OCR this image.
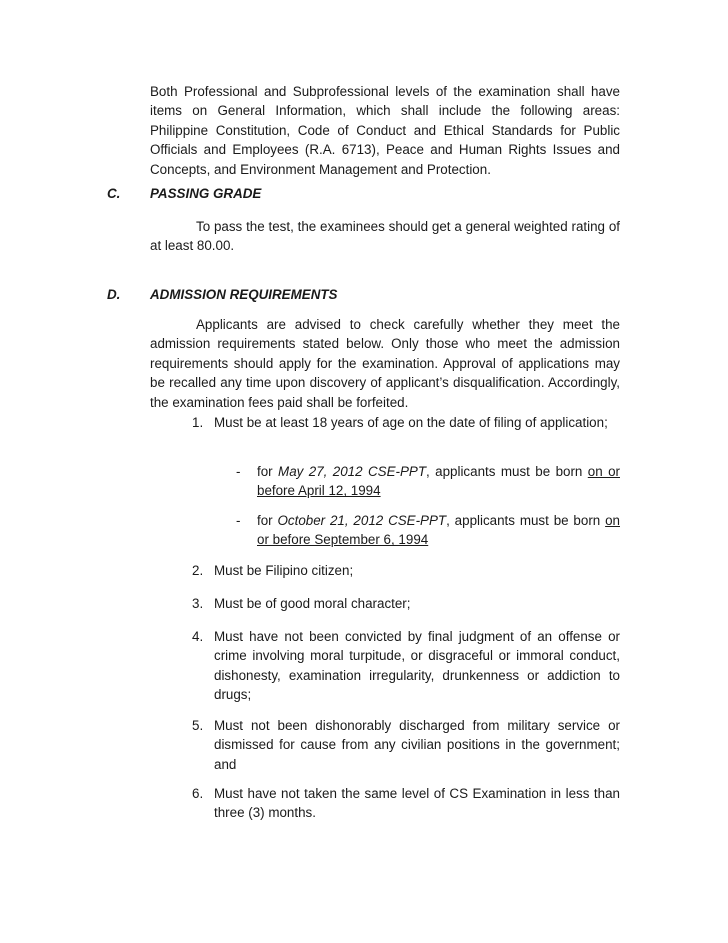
Both Professional and Subprofessional levels of the examination shall have items on General Information, which shall include the following areas: Philippine Constitution, Code of Conduct and Ethical Standards for Public Officials and Employees (R.A. 6713), Peace and Human Rights Issues and Concepts, and Environment Management and Protection.

C. PASSING GRADE

To pass the test, the examinees should get a general weighted rating of at least 80.00.

D. ADMISSION REQUIREMENTS

Applicants are advised to check carefully whether they meet the admission requirements stated below. Only those who meet the admission requirements should apply for the examination. Approval of applications may be recalled any time upon discovery of applicant’s disqualification. Accordingly, the examination fees paid shall be forfeited.

1. Must be at least 18 years of age on the date of filing of application;
- for May 27, 2012 CSE-PPT, applicants must be born on or before April 12, 1994
- for October 21, 2012 CSE-PPT, applicants must be born on or before September 6, 1994
2. Must be Filipino citizen;
3. Must be of good moral character;
4. Must have not been convicted by final judgment of an offense or crime involving moral turpitude, or disgraceful or immoral conduct, dishonesty, examination irregularity, drunkenness or addiction to drugs;
5. Must not been dishonorably discharged from military service or dismissed for cause from any civilian positions in the government; and
6. Must have not taken the same level of CS Examination in less than three (3) months.
